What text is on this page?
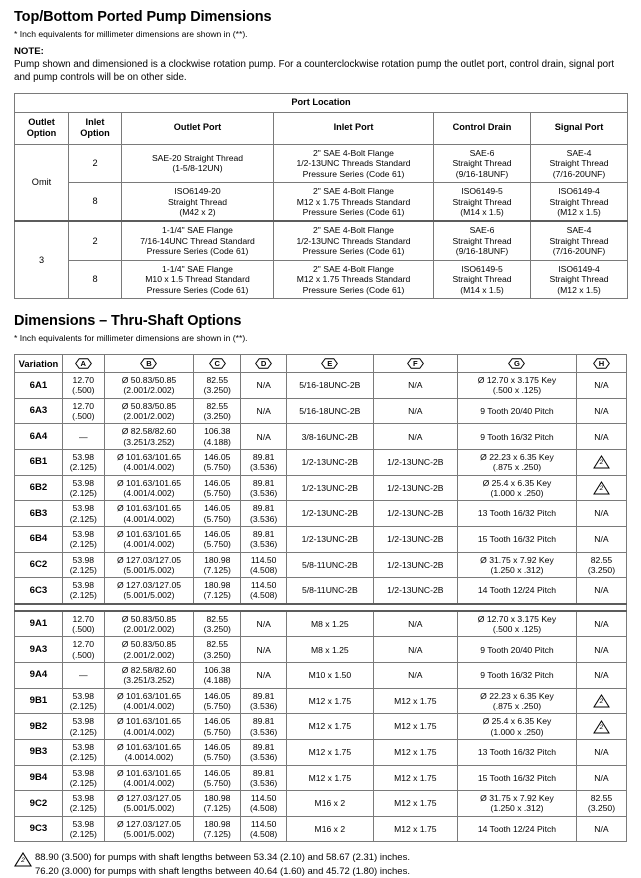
Top/Bottom Ported Pump Dimensions

* Inch equivalents for millimeter dimensions are shown in (**).

NOTE:

Pump shown and dimensioned is a clockwise rotation pump. For a counterclockwise rotation pump the outlet port, control drain, signal port and pump controls will be on other side.

Port Location					
Outlet
Option	Inlet
Option	Outlet Port	Inlet Port	Control Drain	Signal Port
Omit	2	SAE-20 Straight Thread
(1-5/8-12UN)	2" SAE 4-Bolt Flange
1/2-13UNC Threads Standard
Pressure Series (Code 61)	SAE-6
Straight Thread
(9/16-18UNF)	SAE-4
Straight Thread
(7/16-20UNF)
	8	ISO6149-20
Straight Thread
(M42 x 2)	2" SAE 4-Bolt Flange
M12 x 1.75 Threads Standard
Pressure Series (Code 61)	ISO6149-5
Straight Thread
(M14 x 1.5)	ISO6149-4
Straight Thread
(M12 x 1.5)
3	2	1-1/4" SAE Flange
7/16-14UNC Thread Standard
Pressure Series (Code 61)	2" SAE 4-Bolt Flange
1/2-13UNC Threads Standard
Pressure Series (Code 61)	SAE-6
Straight Thread
(9/16-18UNF)	SAE-4
Straight Thread
(7/16-20UNF)
	8	1-1/4" SAE Flange
M10 x 1.5 Thread Standard
Pressure Series (Code 61)	2" SAE 4-Bolt Flange
M12 x 1.75 Threads Standard
Pressure Series (Code 61)	ISO6149-5
Straight Thread
(M14 x 1.5)	ISO6149-4
Straight Thread
(M12 x 1.5)
Dimensions – Thru-Shaft Options

* Inch equivalents for millimeter dimensions are shown in (**).

Variation	A	B	C	D	E	F	G	H

6A1	12.70
(.500)	Ø 50.83/50.85
(2.001/2.002)	82.55
(3.250)	N/A	5/16-18UNC-2B	N/A	Ø 12.70 x 3.175 Key
(.500 x .125)	N/A
6A3	12.70
(.500)	Ø 50.83/50.85
(2.001/2.002)	82.55
(3.250)	N/A	5/16-18UNC-2B	N/A	9 Tooth 20/40 Pitch	N/A
6A4	—	Ø 82.58/82.60
(3.251/3.252)	106.38
(4.188)	N/A	3/8-16UNC-2B	N/A	9 Tooth 16/32 Pitch	N/A
6B1	53.98
(2.125)	Ø 101.63/101.65
(4.001/4.002)	146.05
(5.750)	89.81
(3.536)	1/2-13UNC-2B	1/2-13UNC-2B	Ø 22.23 x 6.35 Key
(.875 x .250)	2

6B2	53.98
(2.125)	Ø 101.63/101.65
(4.001/4.002)	146.05
(5.750)	89.81
(3.536)	1/2-13UNC-2B	1/2-13UNC-2B	Ø 25.4 x 6.35 Key
(1.000 x .250)	2

6B3	53.98
(2.125)	Ø 101.63/101.65
(4.001/4.002)	146.05
(5.750)	89.81
(3.536)	1/2-13UNC-2B	1/2-13UNC-2B	13 Tooth 16/32 Pitch	N/A
6B4	53.98
(2.125)	Ø 101.63/101.65
(4.001/4.002)	146.05
(5.750)	89.81
(3.536)	1/2-13UNC-2B	1/2-13UNC-2B	15 Tooth 16/32 Pitch	N/A
6C2	53.98
(2.125)	Ø 127.03/127.05
(5.001/5.002)	180.98
(7.125)	114.50
(4.508)	5/8-11UNC-2B	1/2-13UNC-2B	Ø 31.75 x 7.92 Key
(1.250 x .312)	82.55
(3.250)
6C3	53.98
(2.125)	Ø 127.03/127.05
(5.001/5.002)	180.98
(7.125)	114.50
(4.508)	5/8-11UNC-2B	1/2-13UNC-2B	14 Tooth 12/24 Pitch	N/A

9A1	12.70
(.500)	Ø 50.83/50.85
(2.001/2.002)	82.55
(3.250)	N/A	M8 x 1.25	N/A	Ø 12.70 x 3.175 Key
(.500 x .125)	N/A
9A3	12.70
(.500)	Ø 50.83/50.85
(2.001/2.002)	82.55
(3.250)	N/A	M8 x 1.25	N/A	9 Tooth 20/40 Pitch	N/A
9A4	—	Ø 82.58/82.60
(3.251/3.252)	106.38
(4.188)	N/A	M10 x 1.50	N/A	9 Tooth 16/32 Pitch	N/A
9B1	53.98
(2.125)	Ø 101.63/101.65
(4.001/4.002)	146.05
(5.750)	89.81
(3.536)	M12 x 1.75	M12 x 1.75	Ø 22.23 x 6.35 Key
(.875 x .250)	2

9B2	53.98
(2.125)	Ø 101.63/101.65
(4.001/4.002)	146.05
(5.750)	89.81
(3.536)	M12 x 1.75	M12 x 1.75	Ø 25.4 x 6.35 Key
(1.000 x .250)	2

9B3	53.98
(2.125)	Ø 101.63/101.65
(4.0014.002)	146.05
(5.750)	89.81
(3.536)	M12 x 1.75	M12 x 1.75	13 Tooth 16/32 Pitch	N/A
9B4	53.98
(2.125)	Ø 101.63/101.65
(4.001/4.002)	146.05
(5.750)	89.81
(3.536)	M12 x 1.75	M12 x 1.75	15 Tooth 16/32 Pitch	N/A
9C2	53.98
(2.125)	Ø 127.03/127.05
(5.001/5.002)	180.98
(7.125)	114.50
(4.508)	M16 x 2	M12 x 1.75	Ø 31.75 x 7.92 Key
(1.250 x .312)	82.55
(3.250)
9C3	53.98
(2.125)	Ø 127.03/127.05
(5.001/5.002)	180.98
(7.125)	114.50
(4.508)	M16 x 2	M12 x 1.75	14 Tooth 12/24 Pitch	N/A
2	88.90 (3.500) for pumps with shaft lengths between 53.34 (2.10) and 58.67 (2.31) inches.
76.20 (3.000) for pumps with shaft lengths between 40.64 (1.60) and 45.72 (1.80) inches.
